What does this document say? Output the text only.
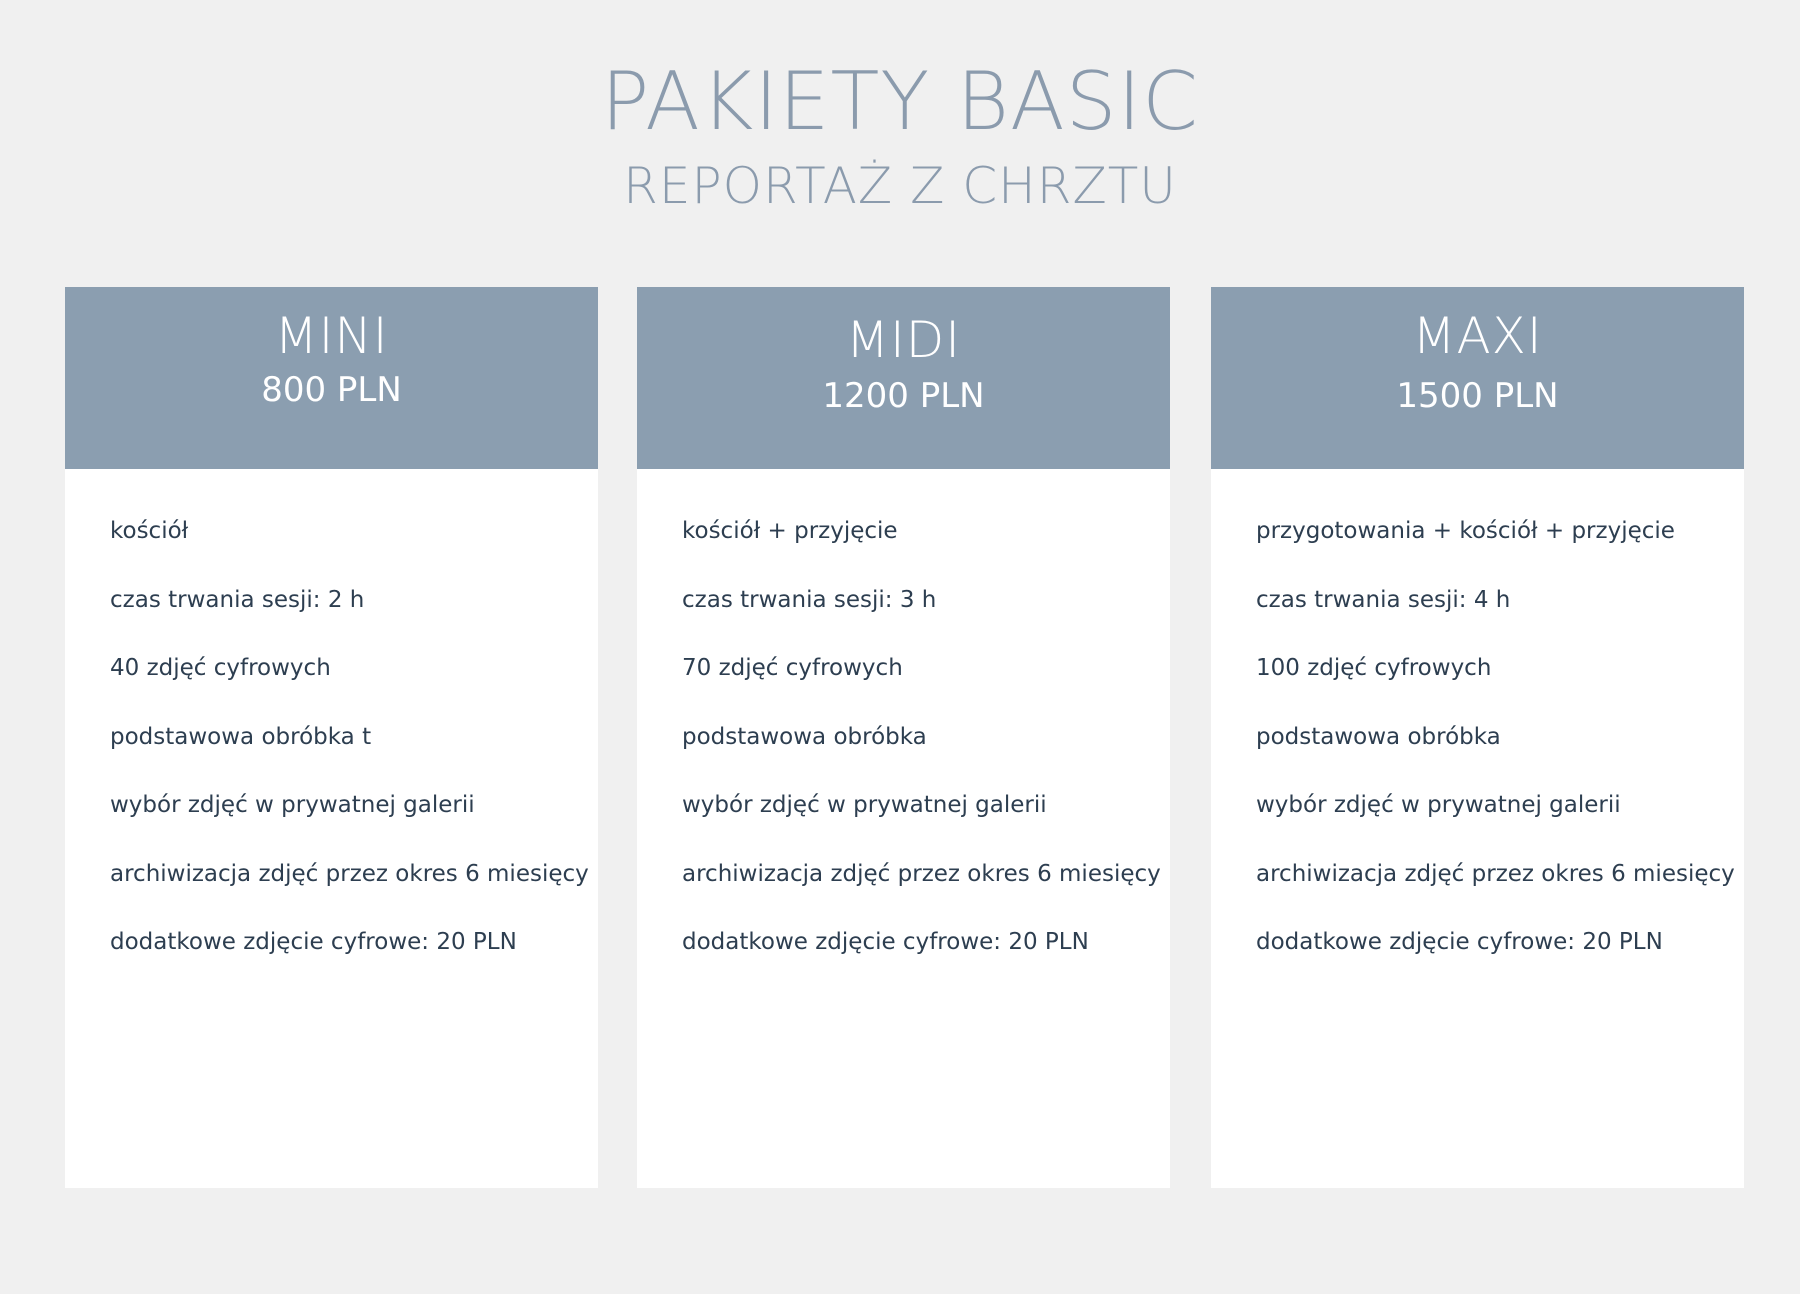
PAKIETY BASIC
REPORTAŻ Z CHRZTU
MINI
800 PLN
kościół
czas trwania sesji: 2 h
40 zdjęć cyfrowych
podstawowa obróbka t
wybór zdjęć w prywatnej galerii
archiwizacja zdjęć przez okres 6 miesięcy
dodatkowe zdjęcie cyfrowe: 20 PLN
MIDI
1200 PLN
kościół + przyjęcie
czas trwania sesji: 3 h
70 zdjęć cyfrowych
podstawowa obróbka
wybór zdjęć w prywatnej galerii
archiwizacja zdjęć przez okres 6 miesięcy
dodatkowe zdjęcie cyfrowe: 20 PLN
MAXI
1500 PLN
przygotowania + kościół + przyjęcie
czas trwania sesji: 4 h
100 zdjęć cyfrowych
podstawowa obróbka
wybór zdjęć w prywatnej galerii
archiwizacja zdjęć przez okres 6 miesięcy
dodatkowe zdjęcie cyfrowe: 20 PLN
